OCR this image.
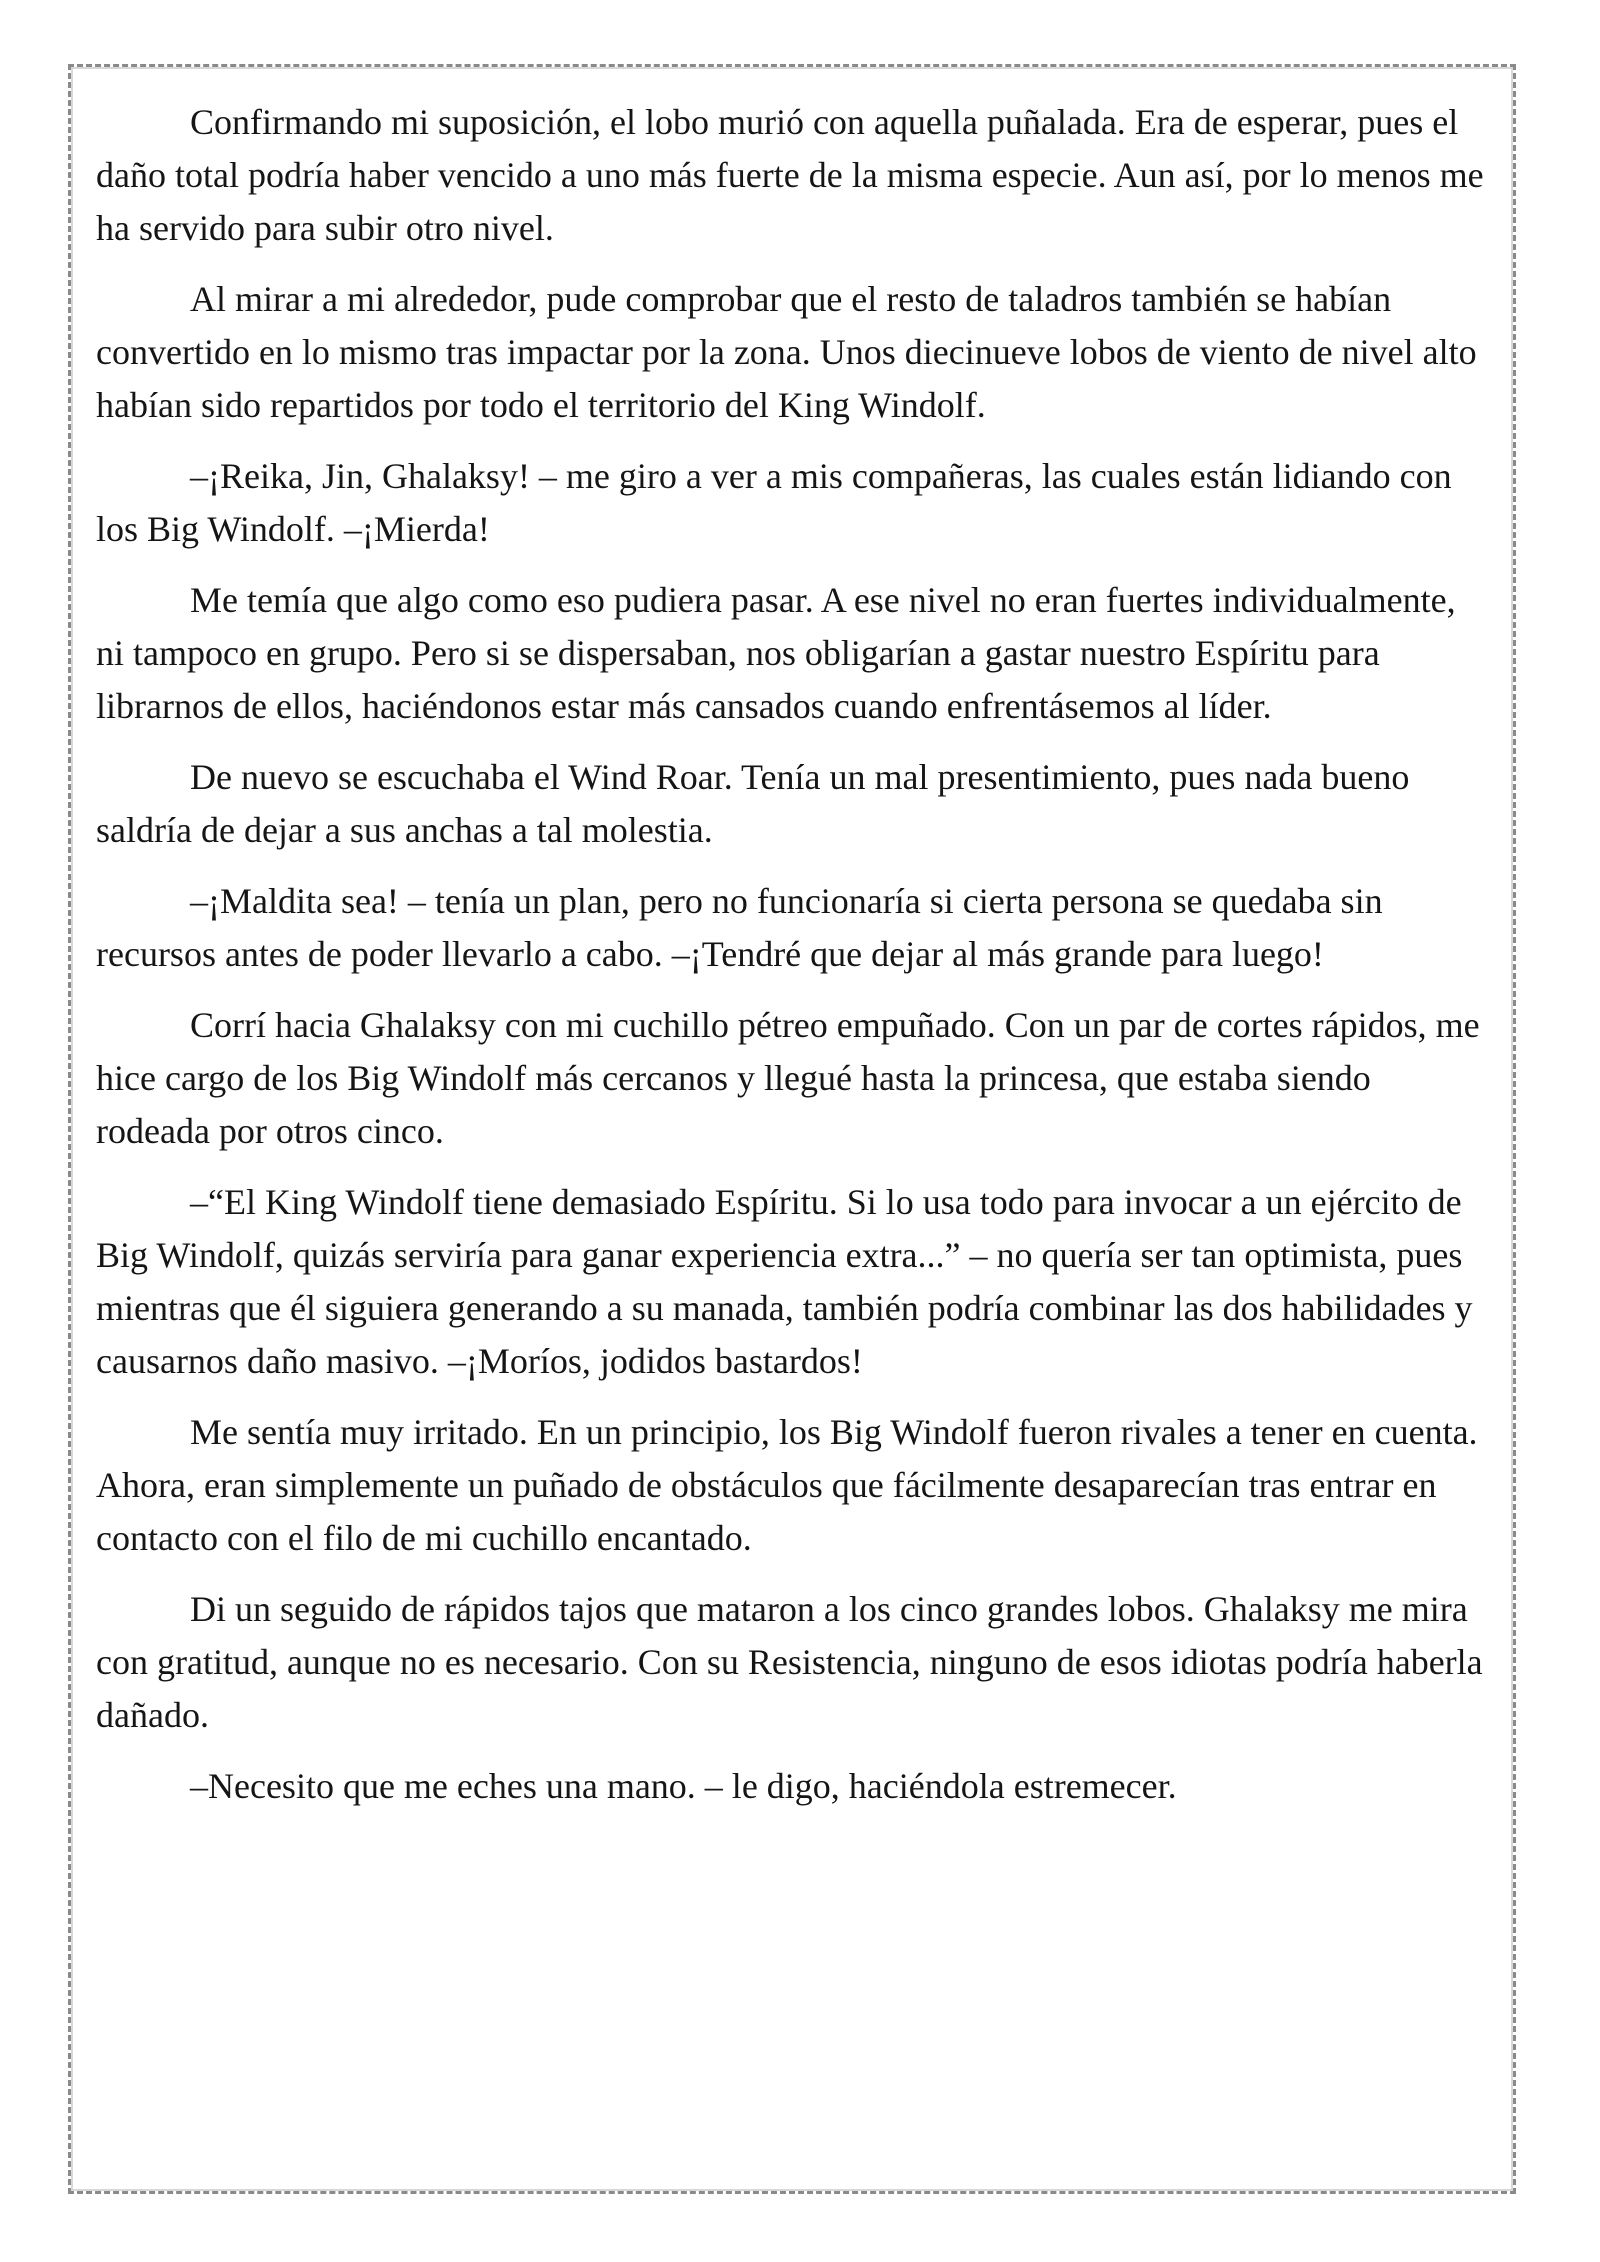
Confirmando mi suposición, el lobo murió con aquella puñalada. Era de esperar, pues el daño total podría haber vencido a uno más fuerte de la misma especie. Aun así, por lo menos me ha servido para subir otro nivel.

Al mirar a mi alrededor, pude comprobar que el resto de taladros también se habían convertido en lo mismo tras impactar por la zona. Unos diecinueve lobos de viento de nivel alto habían sido repartidos por todo el territorio del King Windolf.

–¡Reika, Jin, Ghalaksy! – me giro a ver a mis compañeras, las cuales están lidiando con los Big Windolf. –¡Mierda!

Me temía que algo como eso pudiera pasar. A ese nivel no eran fuertes individualmente, ni tampoco en grupo. Pero si se dispersaban, nos obligarían a gastar nuestro Espíritu para librarnos de ellos, haciéndonos estar más cansados cuando enfrentásemos al líder.

De nuevo se escuchaba el Wind Roar. Tenía un mal presentimiento, pues nada bueno saldría de dejar a sus anchas a tal molestia.

–¡Maldita sea! – tenía un plan, pero no funcionaría si cierta persona se quedaba sin recursos antes de poder llevarlo a cabo. –¡Tendré que dejar al más grande para luego!

Corrí hacia Ghalaksy con mi cuchillo pétreo empuñado. Con un par de cortes rápidos, me hice cargo de los Big Windolf más cercanos y llegué hasta la princesa, que estaba siendo rodeada por otros cinco.

–“El King Windolf tiene demasiado Espíritu. Si lo usa todo para invocar a un ejército de Big Windolf, quizás serviría para ganar experiencia extra...” – no quería ser tan optimista, pues mientras que él siguiera generando a su manada, también podría combinar las dos habilidades y causarnos daño masivo. –¡Moríos, jodidos bastardos!

Me sentía muy irritado. En un principio, los Big Windolf fueron rivales a tener en cuenta. Ahora, eran simplemente un puñado de obstáculos que fácilmente desaparecían tras entrar en contacto con el filo de mi cuchillo encantado.

Di un seguido de rápidos tajos que mataron a los cinco grandes lobos. Ghalaksy me mira con gratitud, aunque no es necesario. Con su Resistencia, ninguno de esos idiotas podría haberla dañado.

–Necesito que me eches una mano. – le digo, haciéndola estremecer.
